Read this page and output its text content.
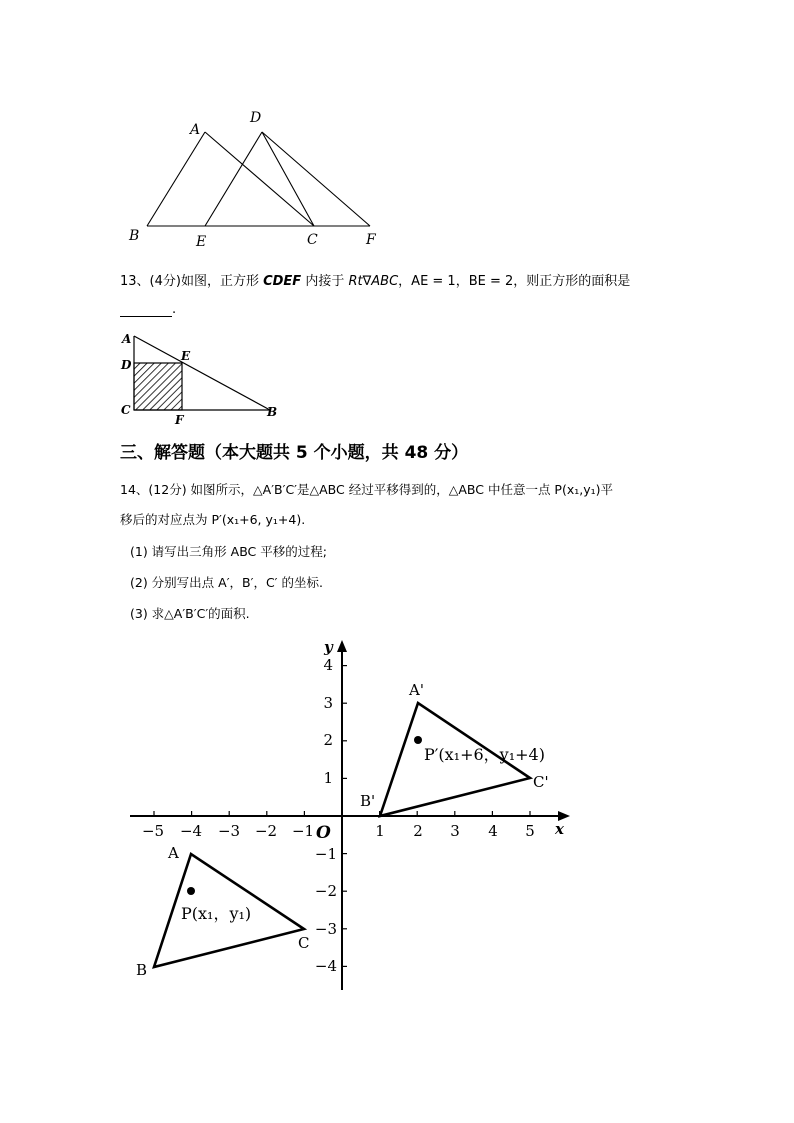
A
D
B	E	C	F
13、(4分)如图，正方形 CDEF 内接于 Rt∇ABC，AE = 1，BE = 2，则正方形的面积是
.
A
D
E
C
F
B
三、解答题（本大题共 5 个小题，共 48 分）
14、(12分) 如图所示，△A′B′C′是△ABC 经过平移得到的，△ABC 中任意一点 P(x₁,y₁)平
移后的对应点为 P′(x₁+6, y₁+4).
(1) 请写出三角形 ABC 平移的过程;
(2) 分别写出点 A′，B′，C′ 的坐标.
(3) 求△A′B′C′的面积.
x
y
O
−5 −4 −3 −2 −1	1 2 3 4 5
4
3
2
1
−1
−2
−3
−4
A
B
C
P(x₁，y₁)
A'
B'
C'
P′(x₁+6，y₁+4)
